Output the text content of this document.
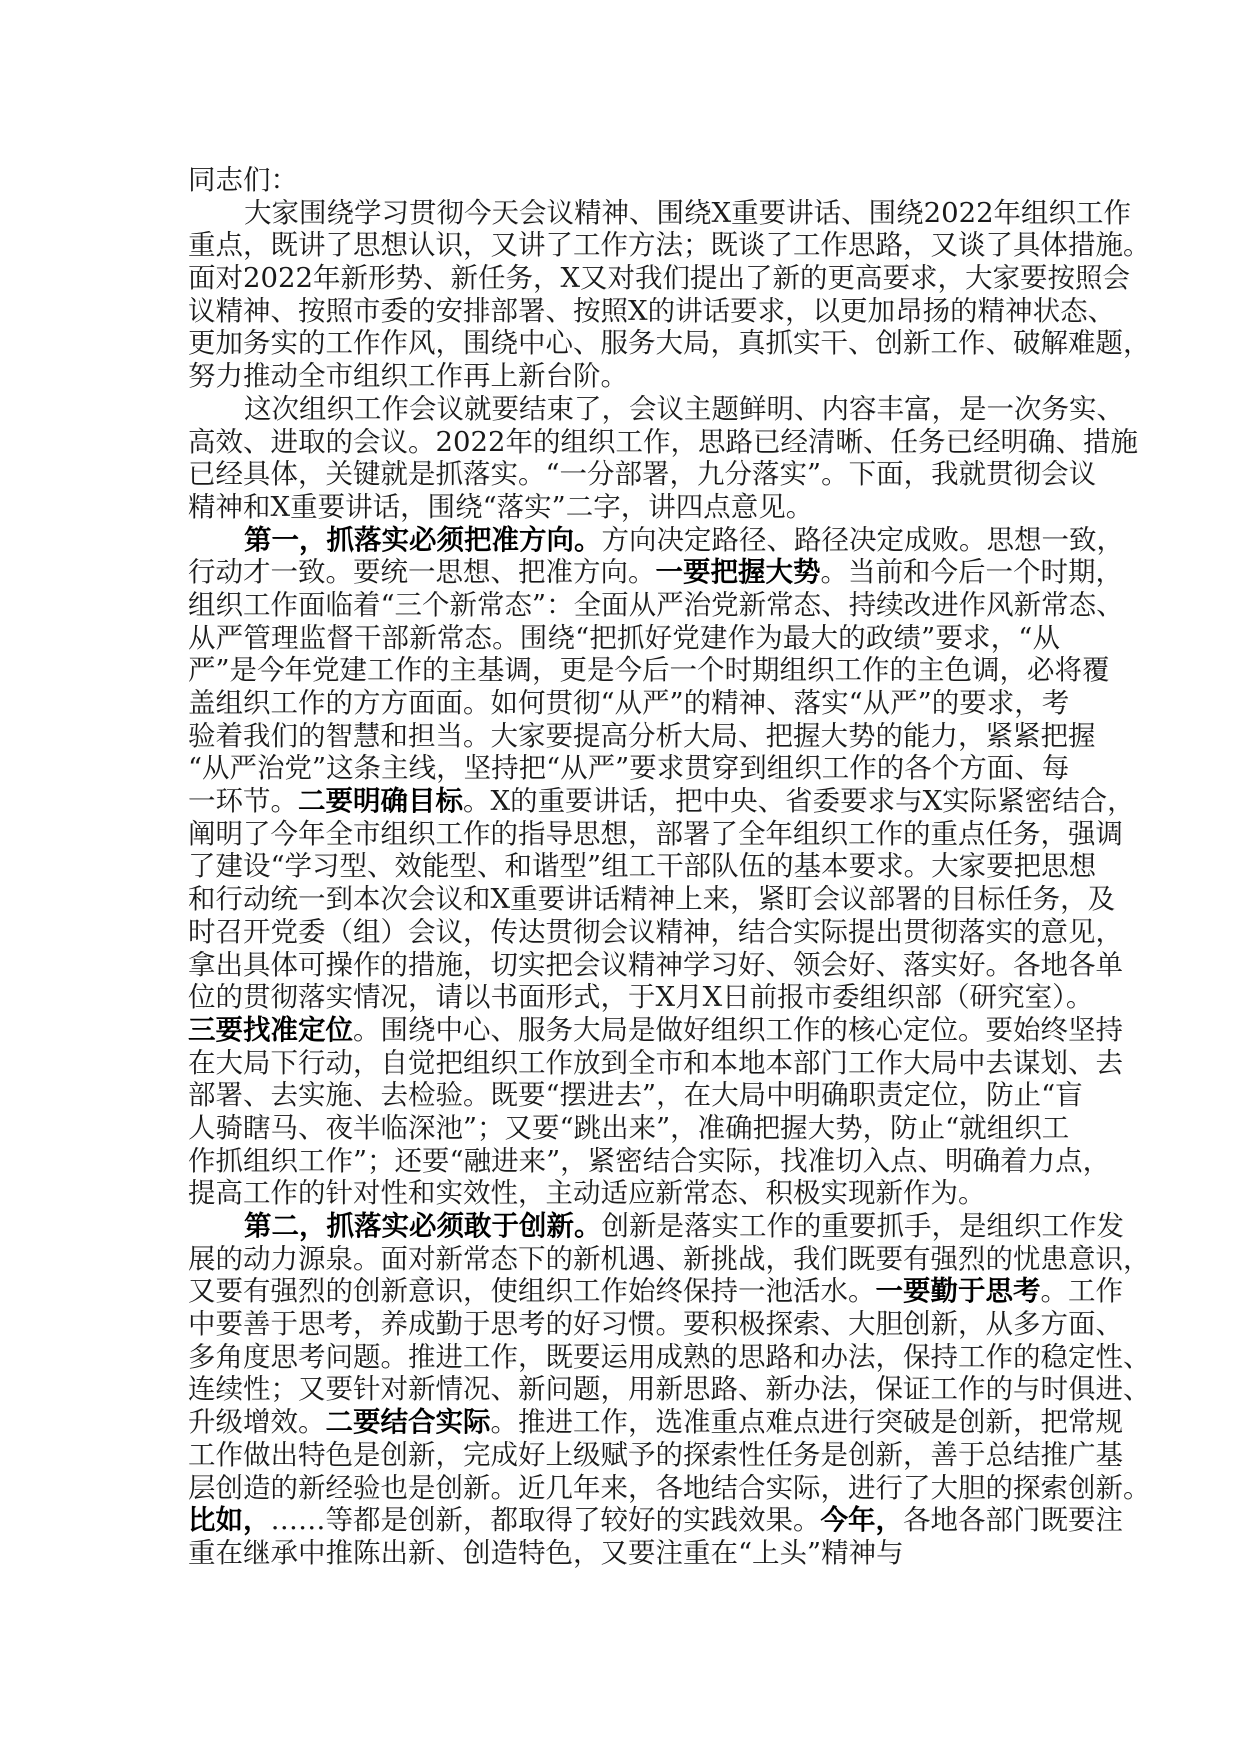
同志们：
大家围绕学习贯彻今天会议精神、围绕X重要讲话、围绕2022年组织工作
重点，既讲了思想认识，又讲了工作方法；既谈了工作思路，又谈了具体措施。
面对2022年新形势、新任务，X又对我们提出了新的更高要求，大家要按照会
议精神、按照市委的安排部署、按照X的讲话要求，以更加昂扬的精神状态、
更加务实的工作作风，围绕中心、服务大局，真抓实干、创新工作、破解难题，
努力推动全市组织工作再上新台阶。
这次组织工作会议就要结束了，会议主题鲜明、内容丰富，是一次务实、
高效、进取的会议。2022年的组织工作，思路已经清晰、任务已经明确、措施
已经具体，关键就是抓落实。“一分部署，九分落实”。下面，我就贯彻会议
精神和X重要讲话，围绕“落实”二字，讲四点意见。
第一，抓落实必须把准方向。方向决定路径、路径决定成败。思想一致，
行动才一致。要统一思想、把准方向。一要把握大势。当前和今后一个时期，
组织工作面临着“三个新常态”：全面从严治党新常态、持续改进作风新常态、
从严管理监督干部新常态。围绕“把抓好党建作为最大的政绩”要求，“从
严”是今年党建工作的主基调，更是今后一个时期组织工作的主色调，必将覆
盖组织工作的方方面面。如何贯彻“从严”的精神、落实“从严”的要求，考
验着我们的智慧和担当。大家要提高分析大局、把握大势的能力，紧紧把握
“从严治党”这条主线，坚持把“从严”要求贯穿到组织工作的各个方面、每
一环节。二要明确目标。X的重要讲话，把中央、省委要求与X实际紧密结合，
阐明了今年全市组织工作的指导思想，部署了全年组织工作的重点任务，强调
了建设“学习型、效能型、和谐型”组工干部队伍的基本要求。大家要把思想
和行动统一到本次会议和X重要讲话精神上来，紧盯会议部署的目标任务，及
时召开党委（组）会议，传达贯彻会议精神，结合实际提出贯彻落实的意见，
拿出具体可操作的措施，切实把会议精神学习好、领会好、落实好。各地各单
位的贯彻落实情况，请以书面形式，于X月X日前报市委组织部（研究室）。
三要找准定位。围绕中心、服务大局是做好组织工作的核心定位。要始终坚持
在大局下行动，自觉把组织工作放到全市和本地本部门工作大局中去谋划、去
部署、去实施、去检验。既要“摆进去”，在大局中明确职责定位，防止“盲
人骑瞎马、夜半临深池”；又要“跳出来”，准确把握大势，防止“就组织工
作抓组织工作”；还要“融进来”，紧密结合实际，找准切入点、明确着力点，
提高工作的针对性和实效性，主动适应新常态、积极实现新作为。
第二，抓落实必须敢于创新。创新是落实工作的重要抓手，是组织工作发
展的动力源泉。面对新常态下的新机遇、新挑战，我们既要有强烈的忧患意识，
又要有强烈的创新意识，使组织工作始终保持一池活水。一要勤于思考。工作
中要善于思考，养成勤于思考的好习惯。要积极探索、大胆创新，从多方面、
多角度思考问题。推进工作，既要运用成熟的思路和办法，保持工作的稳定性、
连续性；又要针对新情况、新问题，用新思路、新办法，保证工作的与时俱进、
升级增效。二要结合实际。推进工作，选准重点难点进行突破是创新，把常规
工作做出特色是创新，完成好上级赋予的探索性任务是创新，善于总结推广基
层创造的新经验也是创新。近几年来，各地结合实际，进行了大胆的探索创新。
比如，……等都是创新，都取得了较好的实践效果。今年，各地各部门既要注
重在继承中推陈出新、创造特色，又要注重在“上头”精神与
